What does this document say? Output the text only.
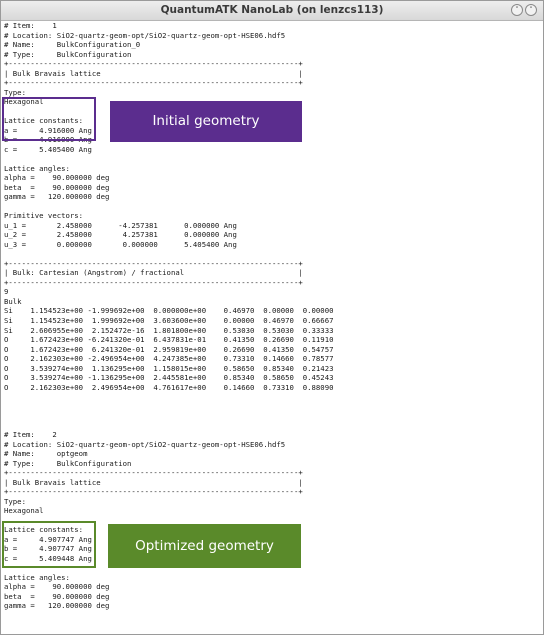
QuantumATK NanoLab (on lenzcs113)	˅	˄
# Item:    1
# Location: SiO2-quartz-geom-opt/SiO2-quartz-geom-opt-HSE06.hdf5
# Name:     BulkConfiguration_0
# Type:     BulkConfiguration
+------------------------------------------------------------------+
| Bulk Bravais lattice                                             |
+------------------------------------------------------------------+
Type:
Hexagonal
Lattice constants:
a =     4.916000 Ang
b =     4.916000 Ang
c =     5.405400 Ang
Lattice angles:
alpha =    90.000000 deg
beta  =    90.000000 deg
gamma =   120.000000 deg
Primitive vectors:
u_1 =       2.458000      -4.257381      0.000000 Ang
u_2 =       2.458000       4.257381      0.000000 Ang
u_3 =       0.000000       0.000000      5.405400 Ang
+------------------------------------------------------------------+
| Bulk: Cartesian (Angstrom) / fractional                          |
+------------------------------------------------------------------+
9
Bulk
Si    1.154523e+00 -1.999692e+00  0.000000e+00    0.46970  0.00000  0.00000
Si    1.154523e+00  1.999692e+00  3.603600e+00    0.00000  0.46970  0.66667
Si    2.606955e+00  2.152472e-16  1.801800e+00    0.53030  0.53030  0.33333
O     1.672423e+00 -6.241320e-01  6.437831e-01    0.41350  0.26690  0.11910
O     1.672423e+00  6.241320e-01  2.959819e+00    0.26690  0.41350  0.54757
O     2.162303e+00 -2.496954e+00  4.247385e+00    0.73310  0.14660  0.78577
O     3.539274e+00  1.136295e+00  1.158015e+00    0.58650  0.85340  0.21423
O     3.539274e+00 -1.136295e+00  2.445581e+00    0.85340  0.58650  0.45243
O     2.162303e+00  2.496954e+00  4.761617e+00    0.14660  0.73310  0.88090
# Item:    2
# Location: SiO2-quartz-geom-opt/SiO2-quartz-geom-opt-HSE06.hdf5
# Name:     optgeom
# Type:     BulkConfiguration
+------------------------------------------------------------------+
| Bulk Bravais lattice                                             |
+------------------------------------------------------------------+
Type:
Hexagonal
Lattice constants:
a =     4.907747 Ang
b =     4.907747 Ang
c =     5.409448 Ang
Lattice angles:
alpha =    90.000000 deg
beta  =    90.000000 deg
gamma =   120.000000 deg
Initial geometry
Optimized geometry
